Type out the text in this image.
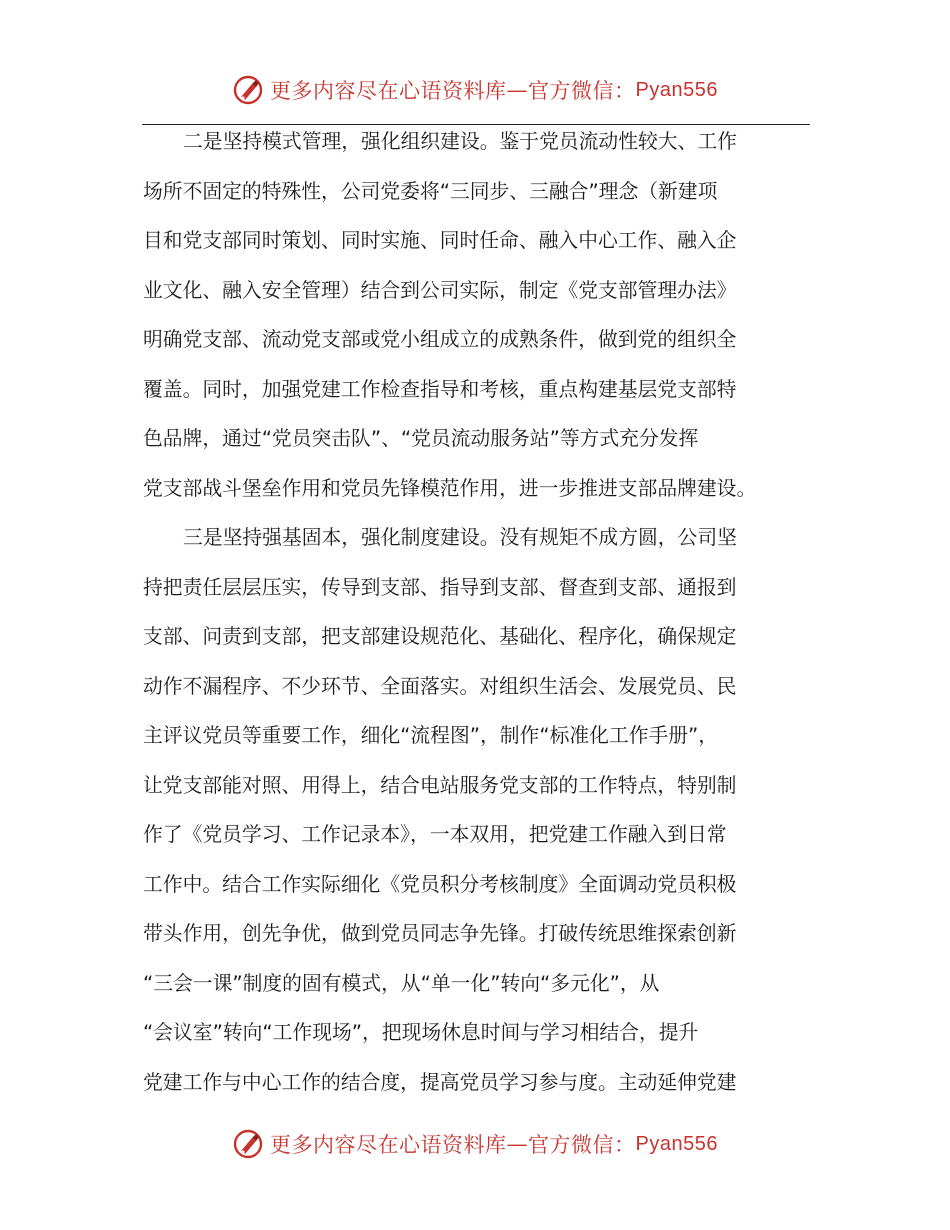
更多内容尽在心语资料库 — 官方微信： Pyan556
二是坚持模式管理，强化组织建设。鉴于党员流动性较大、工作
场所不固定的特殊性，公司党委将“三同步、三融合”理念（新建项
目和党支部同时策划、同时实施、同时任命、融入中心工作、融入企
业文化、融入安全管理）结合到公司实际，制定《党支部管理办法》
明确党支部、流动党支部或党小组成立的成熟条件，做到党的组织全
覆盖。同时，加强党建工作检查指导和考核，重点构建基层党支部特
色品牌，通过“党员突击队”、“党员流动服务站”等方式充分发挥
党支部战斗堡垒作用和党员先锋模范作用，进一步推进支部品牌建设。
三是坚持强基固本，强化制度建设。没有规矩不成方圆，公司坚
持把责任层层压实，传导到支部、指导到支部、督查到支部、通报到
支部、问责到支部，把支部建设规范化、基础化、程序化，确保规定
动作不漏程序、不少环节、全面落实。对组织生活会、发展党员、民
主评议党员等重要工作，细化“流程图”，制作“标准化工作手册”，
让党支部能对照、用得上，结合电站服务党支部的工作特点，特别制
作了《党员学习、工作记录本》，一本双用，把党建工作融入到日常
工作中。结合工作实际细化《党员积分考核制度》全面调动党员积极
带头作用，创先争优，做到党员同志争先锋。打破传统思维探索创新
“三会一课”制度的固有模式，从“单一化”转向“多元化”，从
“会议室”转向“工作现场”，把现场休息时间与学习相结合，提升
党建工作与中心工作的结合度，提高党员学习参与度。主动延伸党建
更多内容尽在心语资料库 — 官方微信： Pyan556
